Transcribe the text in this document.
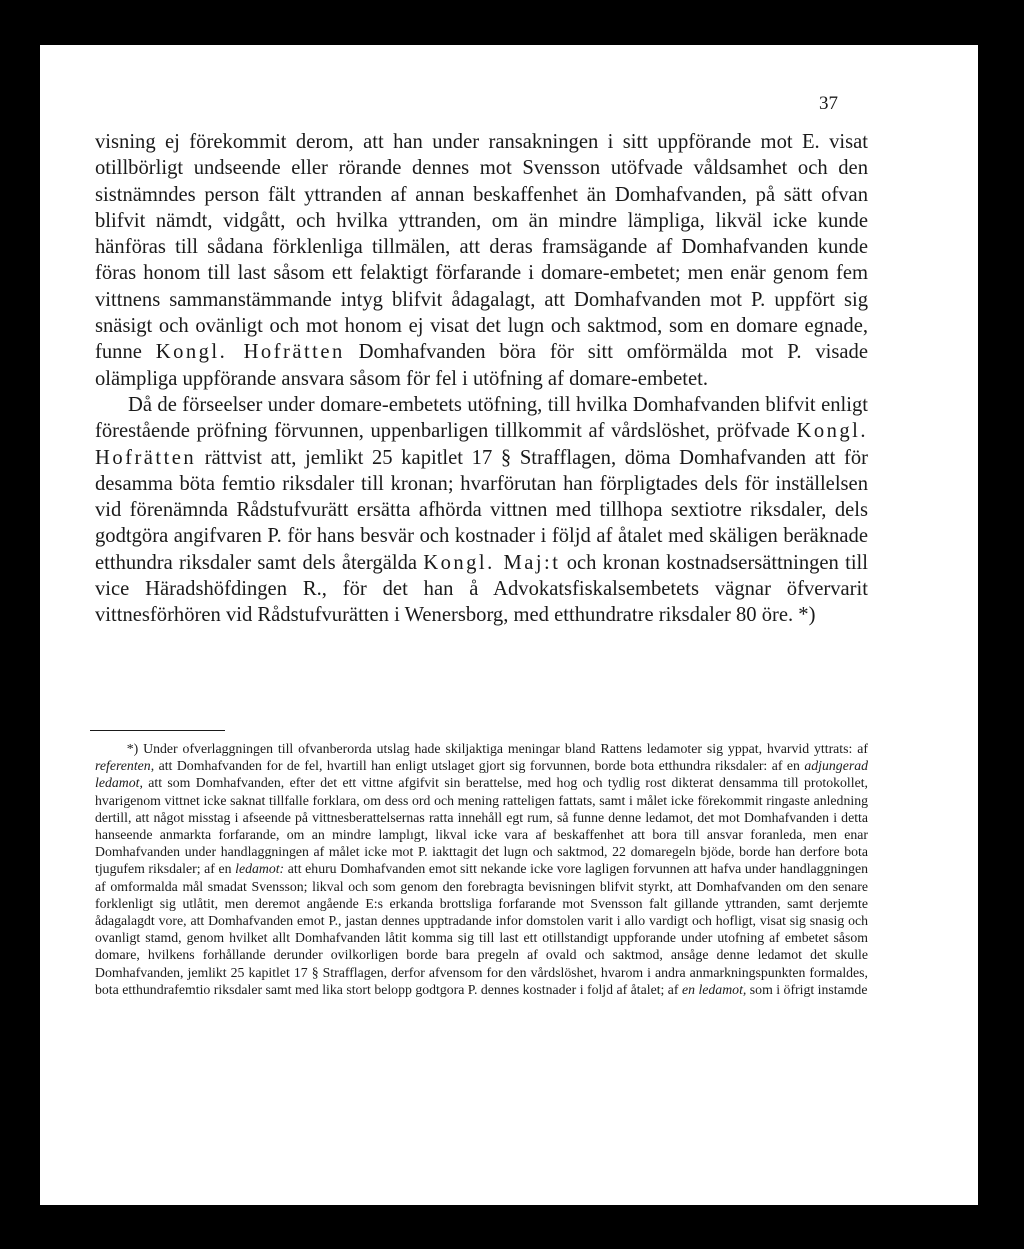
37

visning ej förekommit derom, att han under ransakningen i sitt uppförande mot E. visat otillbörligt undseende eller rörande dennes mot Svensson utöfvade våldsamhet och den sistnämndes person fält yttranden af annan beskaffenhet än Domhafvanden, på sätt ofvan blifvit nämdt, vidgått, och hvilka yttranden, om än mindre lämpliga, likväl icke kunde hänföras till sådana förklenliga tillmälen, att deras framsägande af Domhafvanden kunde föras honom till last såsom ett felaktigt förfarande i domare-embetet; men enär genom fem vittnens sammanstämmande intyg blifvit ådagalagt, att Domhafvanden mot P. uppfört sig snäsigt och ovänligt och mot honom ej visat det lugn och saktmod, som en domare egnade, funne Kongl. Hofrätten Domhafvanden böra för sitt omförmälda mot P. visade olämpliga uppförande ansvara såsom för fel i utöfning af domare-embetet.

Då de förseelser under domare-embetets utöfning, till hvilka Domhafvanden blifvit enligt förestående pröfning förvunnen, uppenbarligen tillkommit af vårdslöshet, pröfvade Kongl. Hofrätten rättvist att, jemlikt 25 kapitlet 17 § Strafflagen, döma Domhafvanden att för desamma böta femtio riksdaler till kronan; hvarförutan han förpligtades dels för inställelsen vid förenämnda Rådstufvurätt ersätta afhörda vittnen med tillhopa sextiotre riksdaler, dels godtgöra angifvaren P. för hans besvär och kostnader i följd af åtalet med skäligen beräknade etthundra riksdaler samt dels återgälda Kongl. Maj:t och kronan kostnadsersättningen till vice Häradshöfdingen R., för det han å Advokatsfiskalsembetets vägnar öfvervarit vittnesförhören vid Rådstufvurätten i Wenersborg, med etthundratre riksdaler 80 öre. *)

*) Under ofverlaggningen till ofvanberorda utslag hade skiljaktiga meningar bland Rattens ledamoter sig yppat, hvarvid yttrats: af referenten, att Domhafvanden for de fel, hvartill han enligt utslaget gjort sig forvunnen, borde bota etthundra riksdaler: af en adjungerad ledamot, att som Domhafvanden, efter det ett vittne afgifvit sin berattelse, med hog och tydlig rost dikterat densamma till protokollet, hvarigenom vittnet icke saknat tillfalle forklara, om dess ord och mening ratteligen fattats, samt i målet icke förekommit ringaste anledning dertill, att något misstag i afseende på vittnesberattelsernas ratta innehåll egt rum, så funne denne ledamot, det mot Domhafvanden i detta hanseende anmarkta forfarande, om an mindre lamplıgt, likval icke vara af beskaffenhet att bora till ansvar foranleda, men enar Domhafvanden under handlaggningen af målet icke mot P. iakttagit det lugn och saktmod, 22 domaregeln bjöde, borde han derfore bota tjugufem riksdaler; af en ledamot: att ehuru Domhafvanden emot sitt nekande icke vore lagligen forvunnen att hafva under handlaggningen af omformalda mål smadat Svensson; likval och som genom den forebragta bevisningen blifvit styrkt, att Domhafvanden om den senare forklenligt sig utlåtit, men deremot angående E:s erkanda brottsliga forfarande mot Svensson falt gillande yttranden, samt derjemte ådagalagdt vore, att Domhafvanden emot P., jastan dennes upptradande infor domstolen varit i allo vardigt och hofligt, visat sig snasig och ovanligt stamd, genom hvilket allt Domhafvanden låtit komma sig till last ett otillstandigt uppforande under utofning af embetet såsom domare, hvilkens forhållande derunder ovilkorligen borde bara pregeln af ovald och saktmod, ansåge denne ledamot det skulle Domhafvanden, jemlikt 25 kapitlet 17 § Strafflagen, derfor afvensom for den vårdslöshet, hvarom i andra anmarkningspunkten formaldes, bota etthundrafemtio riksdaler samt med lika stort belopp godtgora P. dennes kostnader i foljd af åtalet; af en ledamot, som i öfrigt instamde
